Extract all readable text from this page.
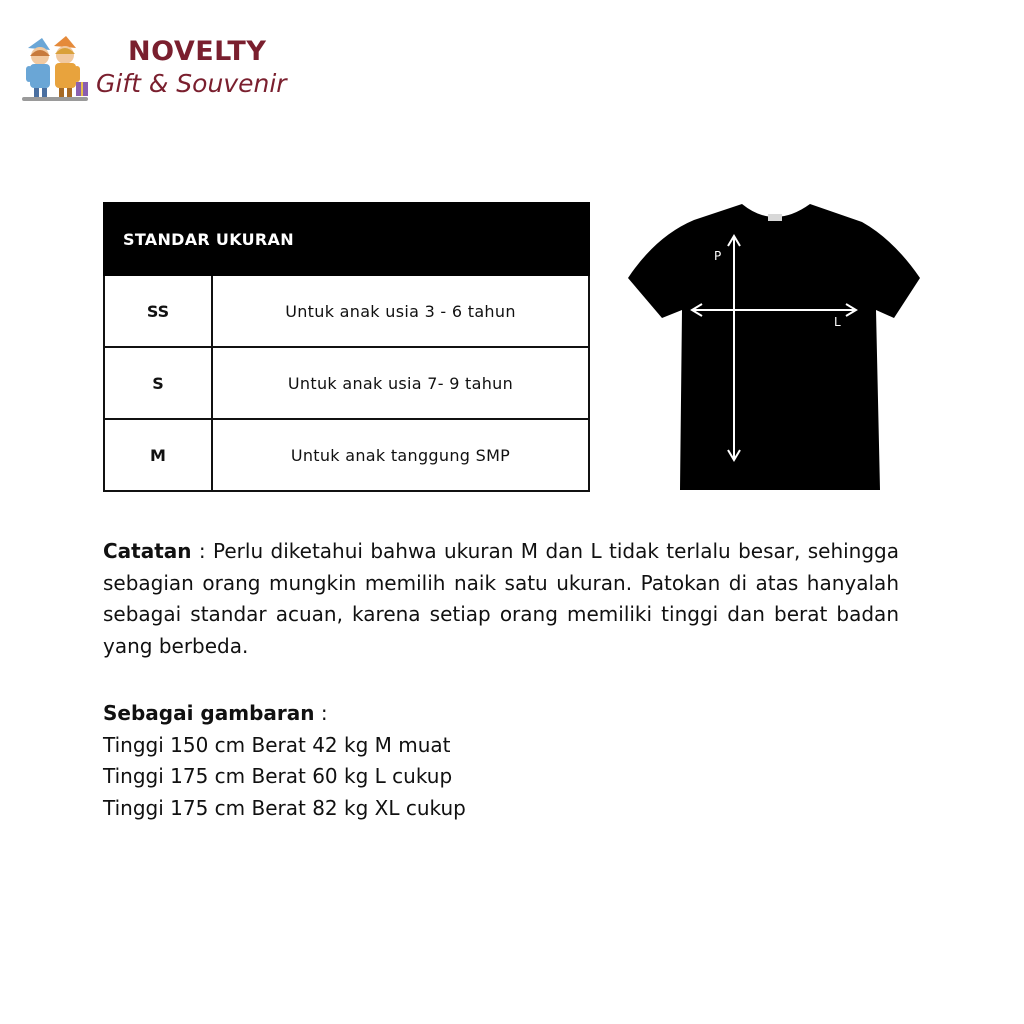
NOVELTY
Gift & Souvenir
STANDAR UKURAN
SS	Untuk anak usia 3 - 6 tahun
S	Untuk anak usia 7- 9 tahun
M	Untuk anak tanggung SMP
P
L
Catatan : Perlu diketahui bahwa ukuran M dan L tidak terlalu besar, sehingga sebagian orang mungkin memilih naik satu ukuran. Patokan di atas hanyalah sebagai standar acuan, karena setiap orang memiliki tinggi dan berat badan yang berbeda.
Sebagai gambaran :
Tinggi 150 cm Berat 42 kg M muat
Tinggi 175 cm Berat 60 kg L cukup
Tinggi 175 cm Berat 82 kg XL cukup
